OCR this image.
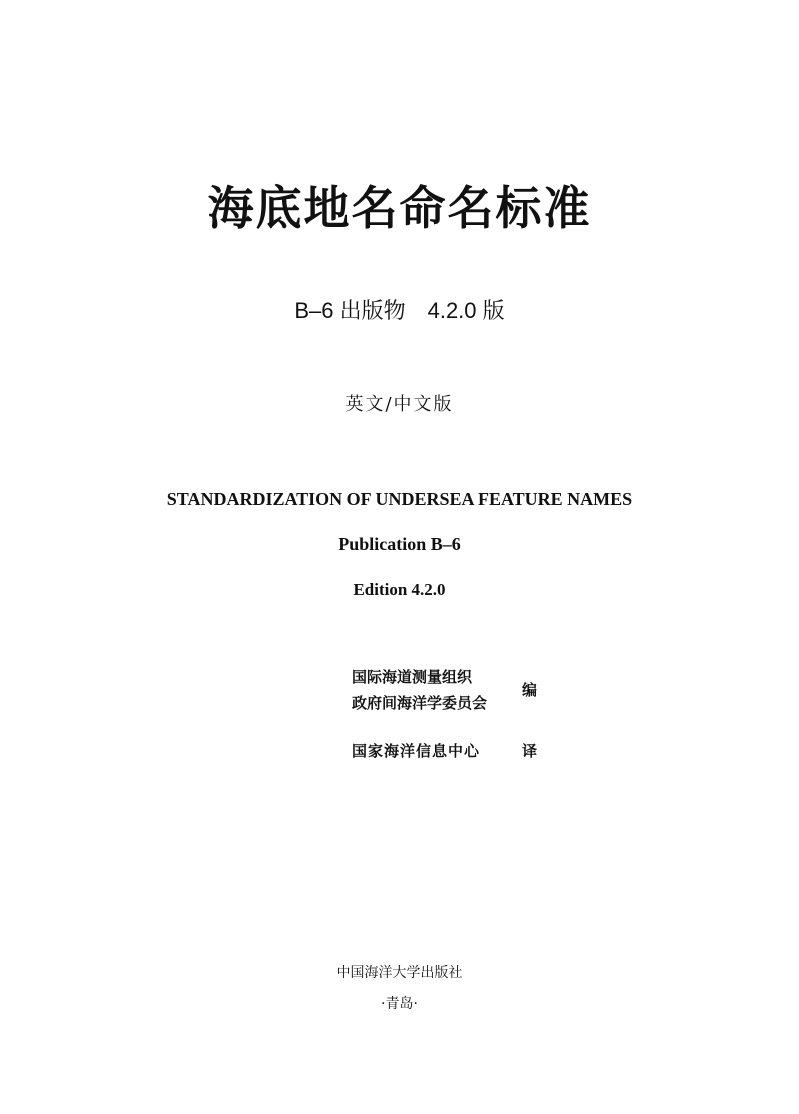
海底地名命名标准
B–6 出版物　4.2.0 版
英文/中文版
STANDARDIZATION OF UNDERSEA FEATURE NAMES
Publication B–6
Edition 4.2.0
国际海道测量组织
政府间海洋学委员会
编
国家海洋信息中心	译
中国海洋大学出版社
·青岛·
